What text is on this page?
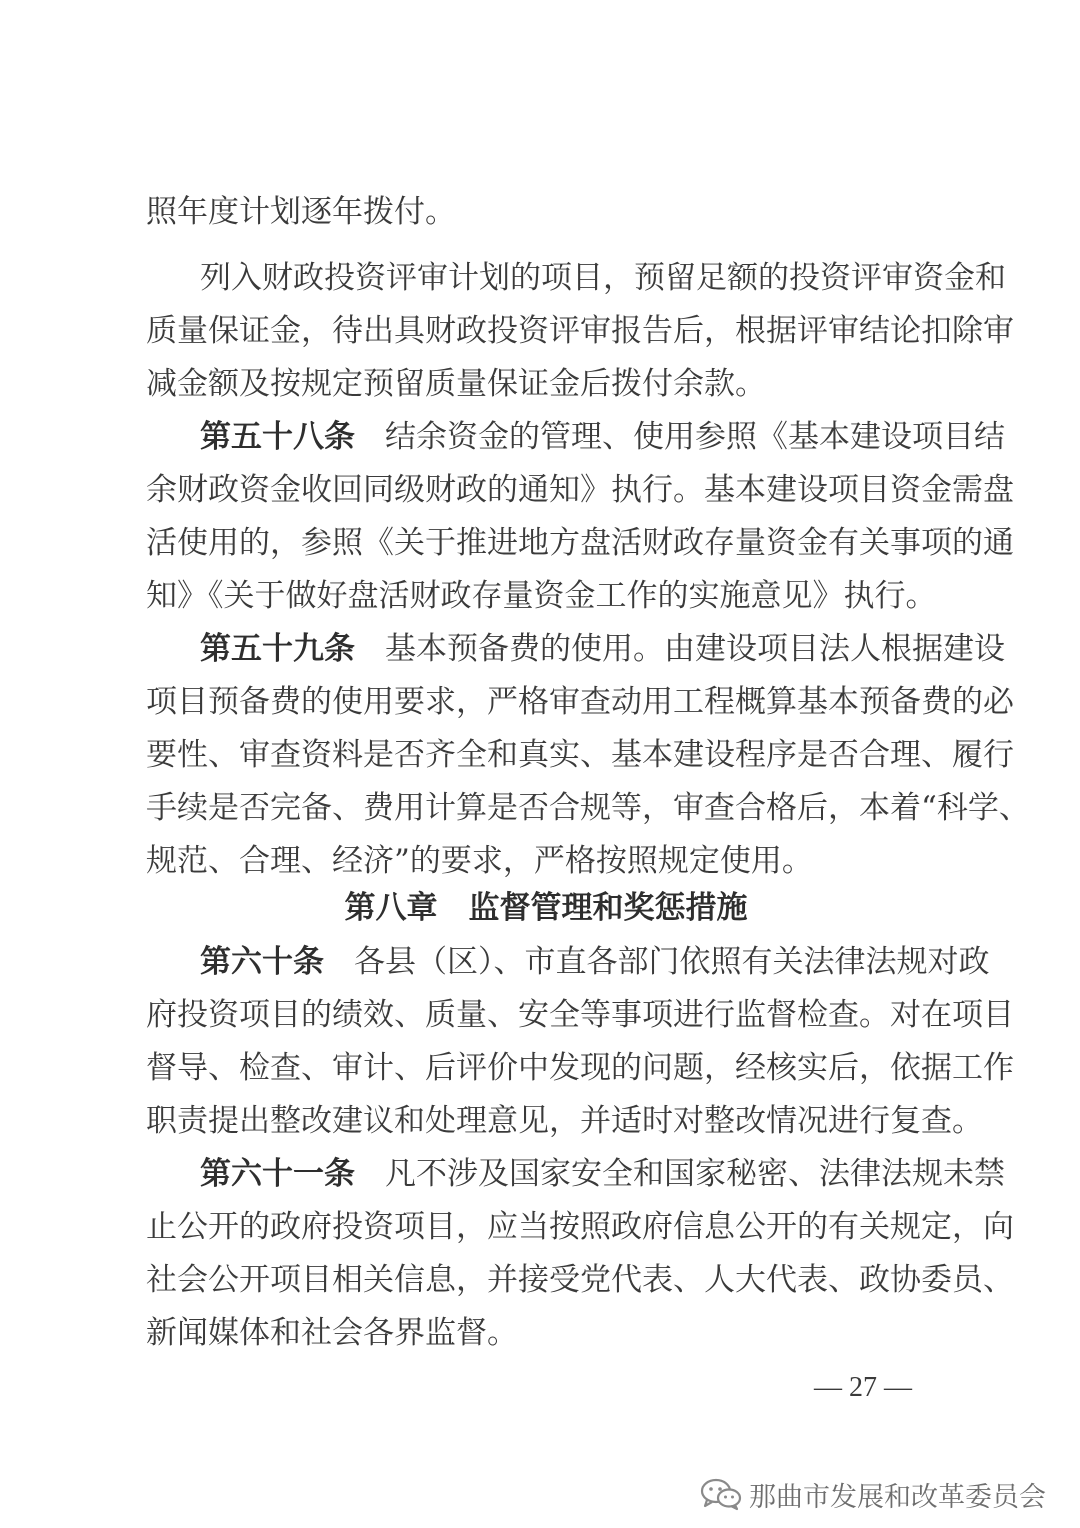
照年度计划逐年拨付。
列入财政投资评审计划的项目，预留足额的投资评审资金和
质量保证金，待出具财政投资评审报告后，根据评审结论扣除审
减金额及按规定预留质量保证金后拨付余款。
第五十八条 结余资金的管理、使用参照《基本建设项目结
余财政资金收回同级财政的通知》执行。基本建设项目资金需盘
活使用的，参照《关于推进地方盘活财政存量资金有关事项的通
知》《关于做好盘活财政存量资金工作的实施意见》执行。
第五十九条 基本预备费的使用。由建设项目法人根据建设
项目预备费的使用要求，严格审查动用工程概算基本预备费的必
要性、审查资料是否齐全和真实、基本建设程序是否合理、履行
手续是否完备、费用计算是否合规等，审查合格后，本着“科学、
规范、合理、经济”的要求，严格按照规定使用。
第八章　监督管理和奖惩措施
第六十条 各县（区）、市直各部门依照有关法律法规对政
府投资项目的绩效、质量、安全等事项进行监督检查。对在项目
督导、检查、审计、后评价中发现的问题，经核实后，依据工作
职责提出整改建议和处理意见，并适时对整改情况进行复查。
第六十一条 凡不涉及国家安全和国家秘密、法律法规未禁
止公开的政府投资项目，应当按照政府信息公开的有关规定，向
社会公开项目相关信息，并接受党代表、人大代表、政协委员、
新闻媒体和社会各界监督。
— 27 —
那曲市发展和改革委员会
